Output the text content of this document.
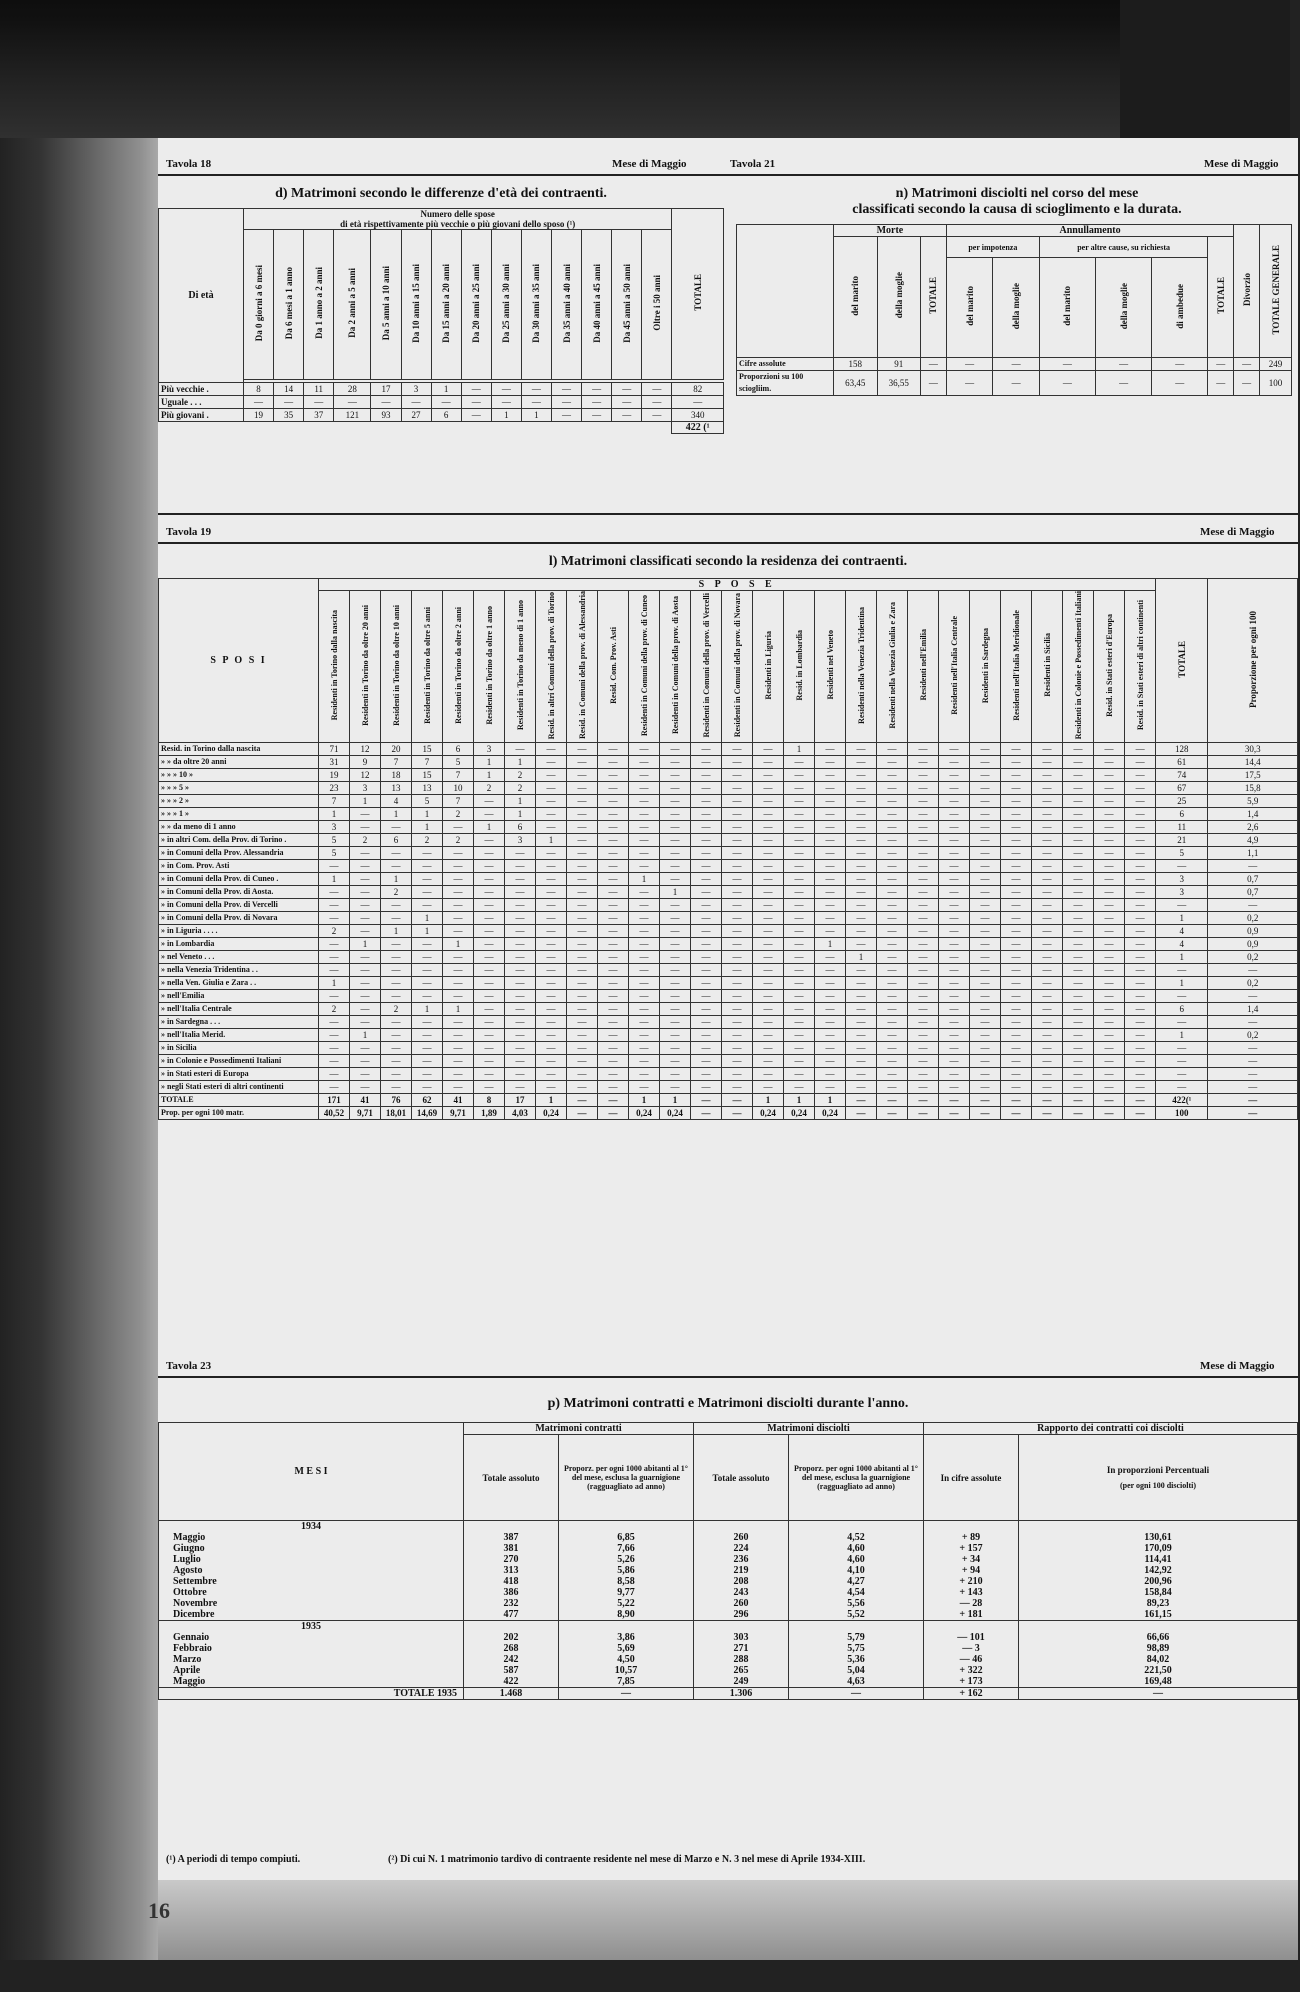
Tavola 18	Mese di Maggio	Tavola 21	Mese di Maggio
d) Matrimoni secondo le differenze d'età dei contraenti.
Di età	Numero delle spose
di età rispettivamente più vecchie o più giovani dello sposo (¹)														TOTALE
	Da 0 giorni a 6 mesi	Da 6 mesi a 1 anno	Da 1 anno a 2 anni	Da 2 anni a 5 anni	Da 5 anni a 10 anni	Da 10 anni a 15 anni	Da 15 anni a 20 anni	Da 20 anni a 25 anni	Da 25 anni a 30 anni	Da 30 anni a 35 anni	Da 35 anni a 40 anni	Da 40 anni a 45 anni	Da 45 anni a 50 anni	Oltre i 50 anni	

Più vecchie .	8	14	11	28	17	3	1	—	—	—	—	—	—	—	82
Uguale . . .	—	—	—	—	—	—	—	—	—	—	—	—	—	—	—
Più giovani .	19	35	37	121	93	27	6	—	1	1	—	—	—	—	340
															422 (¹
n) Matrimoni disciolti nel corso del mese
classificati secondo la causa di scioglimento e la durata.
	Morte			Annullamento						Divorzio	TOTALE GENERALE
	del marito	della moglie	TOTALE	per impotenza		per altre cause, su richiesta			TOTALE		
				del marito	della moglie	del marito	della moglie	di ambedue			
Cifre assolute	158	91	—	—	—	—	—	—	—	—	249
Proporzioni su 100 sciogliim.	63,45	36,55	—	—	—	—	—	—	—	—	100
Tavola 19	Mese di Maggio
l) Matrimoni classificati secondo la residenza dei contraenti.
S P O S I	S P O S E																											TOTALE	Proporzione per ogni 100
	Residenti in Torino dalla nascita	Residenti in Torino da oltre 20 anni	Residenti in Torino da oltre 10 anni	Residenti in Torino da oltre 5 anni	Residenti in Torino da oltre 2 anni	Residenti in Torino da oltre 1 anno	Residenti in Torino da meno di 1 anno	Resid. in altri Comuni della prov. di Torino	Resid. in Comuni della prov. di Alessandria	Resid. Com. Prov. Asti	Residenti in Comuni della prov. di Cuneo	Residenti in Comuni della prov. di Aosta	Residenti in Comuni della prov. di Vercelli	Residenti in Comuni della prov. di Novara	Residenti in Liguria	Resid. in Lombardia	Residenti nel Veneto	Residenti nella Venezia Tridentina	Residenti nella Venezia Giulia e Zara	Residenti nell'Emilia	Residenti nell'Italia Centrale	Residenti in Sardegna	Residenti nell'Italia Meridionale	Residenti in Sicilia	Residenti in Colonie e Possedimenti Italiani	Resid. in Stati esteri d'Europa	Resid. in Stati esteri di altri continenti		
Resid. in Torino dalla nascita	71	12	20	15	6	3	—	—	—	—	—	—	—	—	—	1	—	—	—	—	—	—	—	—	—	—	—	128	30,3
» » da oltre 20 anni	31	9	7	7	5	1	1	—	—	—	—	—	—	—	—	—	—	—	—	—	—	—	—	—	—	—	—	61	14,4
» » » 10 »	19	12	18	15	7	1	2	—	—	—	—	—	—	—	—	—	—	—	—	—	—	—	—	—	—	—	—	74	17,5
» » » 5 »	23	3	13	13	10	2	2	—	—	—	—	—	—	—	—	—	—	—	—	—	—	—	—	—	—	—	—	67	15,8
» » » 2 »	7	1	4	5	7	—	1	—	—	—	—	—	—	—	—	—	—	—	—	—	—	—	—	—	—	—	—	25	5,9
» » » 1 »	1	—	1	1	2	—	1	—	—	—	—	—	—	—	—	—	—	—	—	—	—	—	—	—	—	—	—	6	1,4
» » da meno di 1 anno	3	—	—	1	—	1	6	—	—	—	—	—	—	—	—	—	—	—	—	—	—	—	—	—	—	—	—	11	2,6
» in altri Com. della Prov. di Torino .	5	2	6	2	2	—	3	1	—	—	—	—	—	—	—	—	—	—	—	—	—	—	—	—	—	—	—	21	4,9
» in Comuni della Prov. Alessandria	5	—	—	—	—	—	—	—	—	—	—	—	—	—	—	—	—	—	—	—	—	—	—	—	—	—	—	5	1,1
» in Com. Prov. Asti	—	—	—	—	—	—	—	—	—	—	—	—	—	—	—	—	—	—	—	—	—	—	—	—	—	—	—	—	—
» in Comuni della Prov. di Cuneo .	1	—	1	—	—	—	—	—	—	—	1	—	—	—	—	—	—	—	—	—	—	—	—	—	—	—	—	3	0,7
» in Comuni della Prov. di Aosta.	—	—	2	—	—	—	—	—	—	—	—	1	—	—	—	—	—	—	—	—	—	—	—	—	—	—	—	3	0,7
» in Comuni della Prov. di Vercelli	—	—	—	—	—	—	—	—	—	—	—	—	—	—	—	—	—	—	—	—	—	—	—	—	—	—	—	—	—
» in Comuni della Prov. di Novara	—	—	—	1	—	—	—	—	—	—	—	—	—	—	—	—	—	—	—	—	—	—	—	—	—	—	—	1	0,2
» in Liguria . . . .	2	—	1	1	—	—	—	—	—	—	—	—	—	—	—	—	—	—	—	—	—	—	—	—	—	—	—	4	0,9
» in Lombardia	—	1	—	—	1	—	—	—	—	—	—	—	—	—	—	—	1	—	—	—	—	—	—	—	—	—	—	4	0,9
» nel Veneto . . .	—	—	—	—	—	—	—	—	—	—	—	—	—	—	—	—	—	1	—	—	—	—	—	—	—	—	—	1	0,2
» nella Venezia Tridentina . .	—	—	—	—	—	—	—	—	—	—	—	—	—	—	—	—	—	—	—	—	—	—	—	—	—	—	—	—	—
» nella Ven. Giulia e Zara . .	1	—	—	—	—	—	—	—	—	—	—	—	—	—	—	—	—	—	—	—	—	—	—	—	—	—	—	1	0,2
» nell'Emilia	—	—	—	—	—	—	—	—	—	—	—	—	—	—	—	—	—	—	—	—	—	—	—	—	—	—	—	—	—
» nell'Italia Centrale	2	—	2	1	1	—	—	—	—	—	—	—	—	—	—	—	—	—	—	—	—	—	—	—	—	—	—	6	1,4
» in Sardegna . . .	—	—	—	—	—	—	—	—	—	—	—	—	—	—	—	—	—	—	—	—	—	—	—	—	—	—	—	—	—
» nell'Italia Merid.	—	1	—	—	—	—	—	—	—	—	—	—	—	—	—	—	—	—	—	—	—	—	—	—	—	—	—	1	0,2
» in Sicilia	—	—	—	—	—	—	—	—	—	—	—	—	—	—	—	—	—	—	—	—	—	—	—	—	—	—	—	—	—
» in Colonie e Possedimenti Italiani	—	—	—	—	—	—	—	—	—	—	—	—	—	—	—	—	—	—	—	—	—	—	—	—	—	—	—	—	—
» in Stati esteri di Europa	—	—	—	—	—	—	—	—	—	—	—	—	—	—	—	—	—	—	—	—	—	—	—	—	—	—	—	—	—
» negli Stati esteri di altri continenti	—	—	—	—	—	—	—	—	—	—	—	—	—	—	—	—	—	—	—	—	—	—	—	—	—	—	—	—	—
TOTALE	171	41	76	62	41	8	17	1	—	—	1	1	—	—	1	1	1	—	—	—	—	—	—	—	—	—	—	422(¹	—
Prop. per ogni 100 matr.	40,52	9,71	18,01	14,69	9,71	1,89	4,03	0,24	—	—	0,24	0,24	—	—	0,24	0,24	0,24	—	—	—	—	—	—	—	—	—	—	100	—
Tavola 23	Mese di Maggio
p) Matrimoni contratti e Matrimoni disciolti durante l'anno.
M E S I	Matrimoni contratti		Matrimoni disciolti		Rapporto dei contratti coi disciolti	
	Totale assoluto	Proporz. per ogni 1000 abitanti al 1° del mese, esclusa la guarnigione (ragguagliato ad anno)	Totale assoluto	Proporz. per ogni 1000 abitanti al 1° del mese, esclusa la guarnigione (ragguagliato ad anno)	In cifre assolute	In proporzioni Percentuali
(per ogni 100 disciolti)

1934						
Maggio	387	6,85	260	4,52	+ 89	130,61
Giugno	381	7,66	224	4,60	+ 157	170,09
Luglio	270	5,26	236	4,60	+ 34	114,41
Agosto	313	5,86	219	4,10	+ 94	142,92
Settembre	418	8,58	208	4,27	+ 210	200,96
Ottobre	386	9,77	243	4,54	+ 143	158,84
Novembre	232	5,22	260	5,56	— 28	89,23
Dicembre	477	8,90	296	5,52	+ 181	161,15
1935						
Gennaio	202	3,86	303	5,79	— 101	66,66
Febbraio	268	5,69	271	5,75	— 3	98,89
Marzo	242	4,50	288	5,36	— 46	84,02
Aprile	587	10,57	265	5,04	+ 322	221,50
Maggio	422	7,85	249	4,63	+ 173	169,48
TOTALE 1935	1.468	—	1.306	—	+ 162	—
(¹) A periodi di tempo compiuti.	(²) Di cui N. 1 matrimonio tardivo di contraente residente nel mese di Marzo e N. 3 nel mese di Aprile 1934-XIII.
16
